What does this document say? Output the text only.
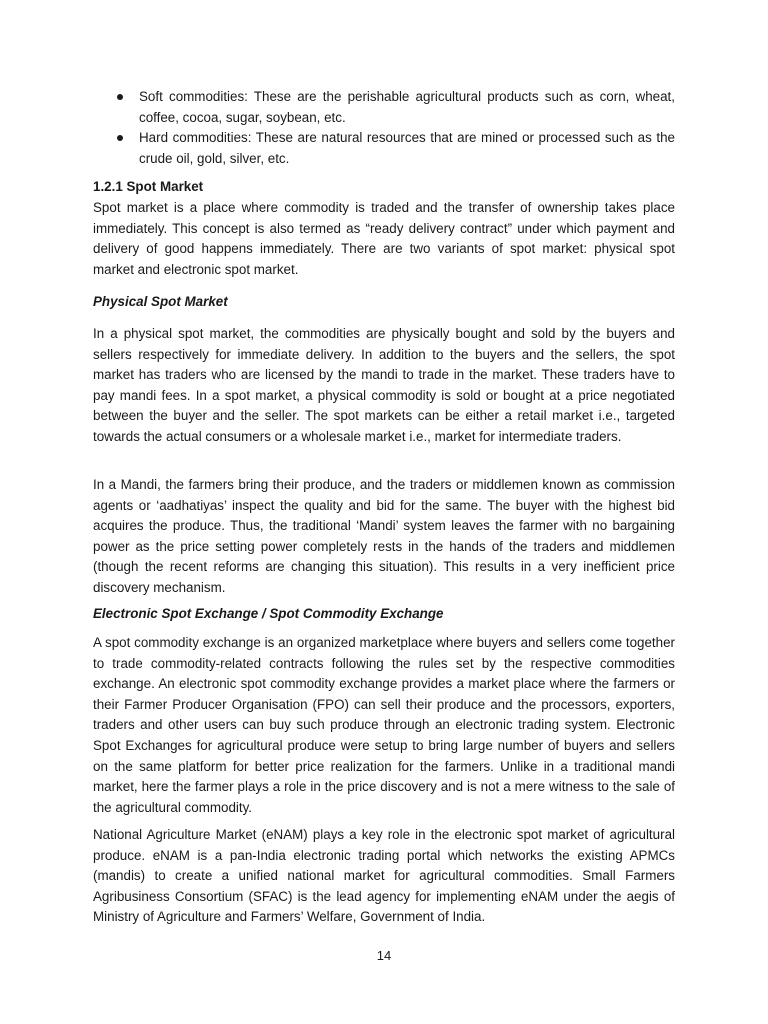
Soft commodities: These are the perishable agricultural products such as corn, wheat, coffee, cocoa, sugar, soybean, etc.
Hard commodities: These are natural resources that are mined or processed such as the crude oil, gold, silver, etc.
1.2.1 Spot Market

Spot market is a place where commodity is traded and the transfer of ownership takes place immediately. This concept is also termed as “ready delivery contract” under which payment and delivery of good happens immediately. There are two variants of spot market: physical spot market and electronic spot market.

Physical Spot Market

In a physical spot market, the commodities are physically bought and sold by the buyers and sellers respectively for immediate delivery. In addition to the buyers and the sellers, the spot market has traders who are licensed by the mandi to trade in the market. These traders have to pay mandi fees. In a spot market, a physical commodity is sold or bought at a price negotiated between the buyer and the seller. The spot markets can be either a retail market i.e., targeted towards the actual consumers or a wholesale market i.e., market for intermediate traders.

In a Mandi, the farmers bring their produce, and the traders or middlemen known as commission agents or ‘aadhatiyas’ inspect the quality and bid for the same. The buyer with the highest bid acquires the produce. Thus, the traditional ‘Mandi’ system leaves the farmer with no bargaining power as the price setting power completely rests in the hands of the traders and middlemen (though the recent reforms are changing this situation). This results in a very inefficient price discovery mechanism.

Electronic Spot Exchange / Spot Commodity Exchange

A spot commodity exchange is an organized marketplace where buyers and sellers come together to trade commodity-related contracts following the rules set by the respective commodities exchange. An electronic spot commodity exchange provides a market place where the farmers or their Farmer Producer Organisation (FPO) can sell their produce and the processors, exporters, traders and other users can buy such produce through an electronic trading system. Electronic Spot Exchanges for agricultural produce were setup to bring large number of buyers and sellers on the same platform for better price realization for the farmers. Unlike in a traditional mandi market, here the farmer plays a role in the price discovery and is not a mere witness to the sale of the agricultural commodity.

National Agriculture Market (eNAM) plays a key role in the electronic spot market of agricultural produce. eNAM is a pan-India electronic trading portal which networks the existing APMCs (mandis) to create a unified national market for agricultural commodities. Small Farmers Agribusiness Consortium (SFAC) is the lead agency for implementing eNAM under the aegis of Ministry of Agriculture and Farmers’ Welfare, Government of India.

14
